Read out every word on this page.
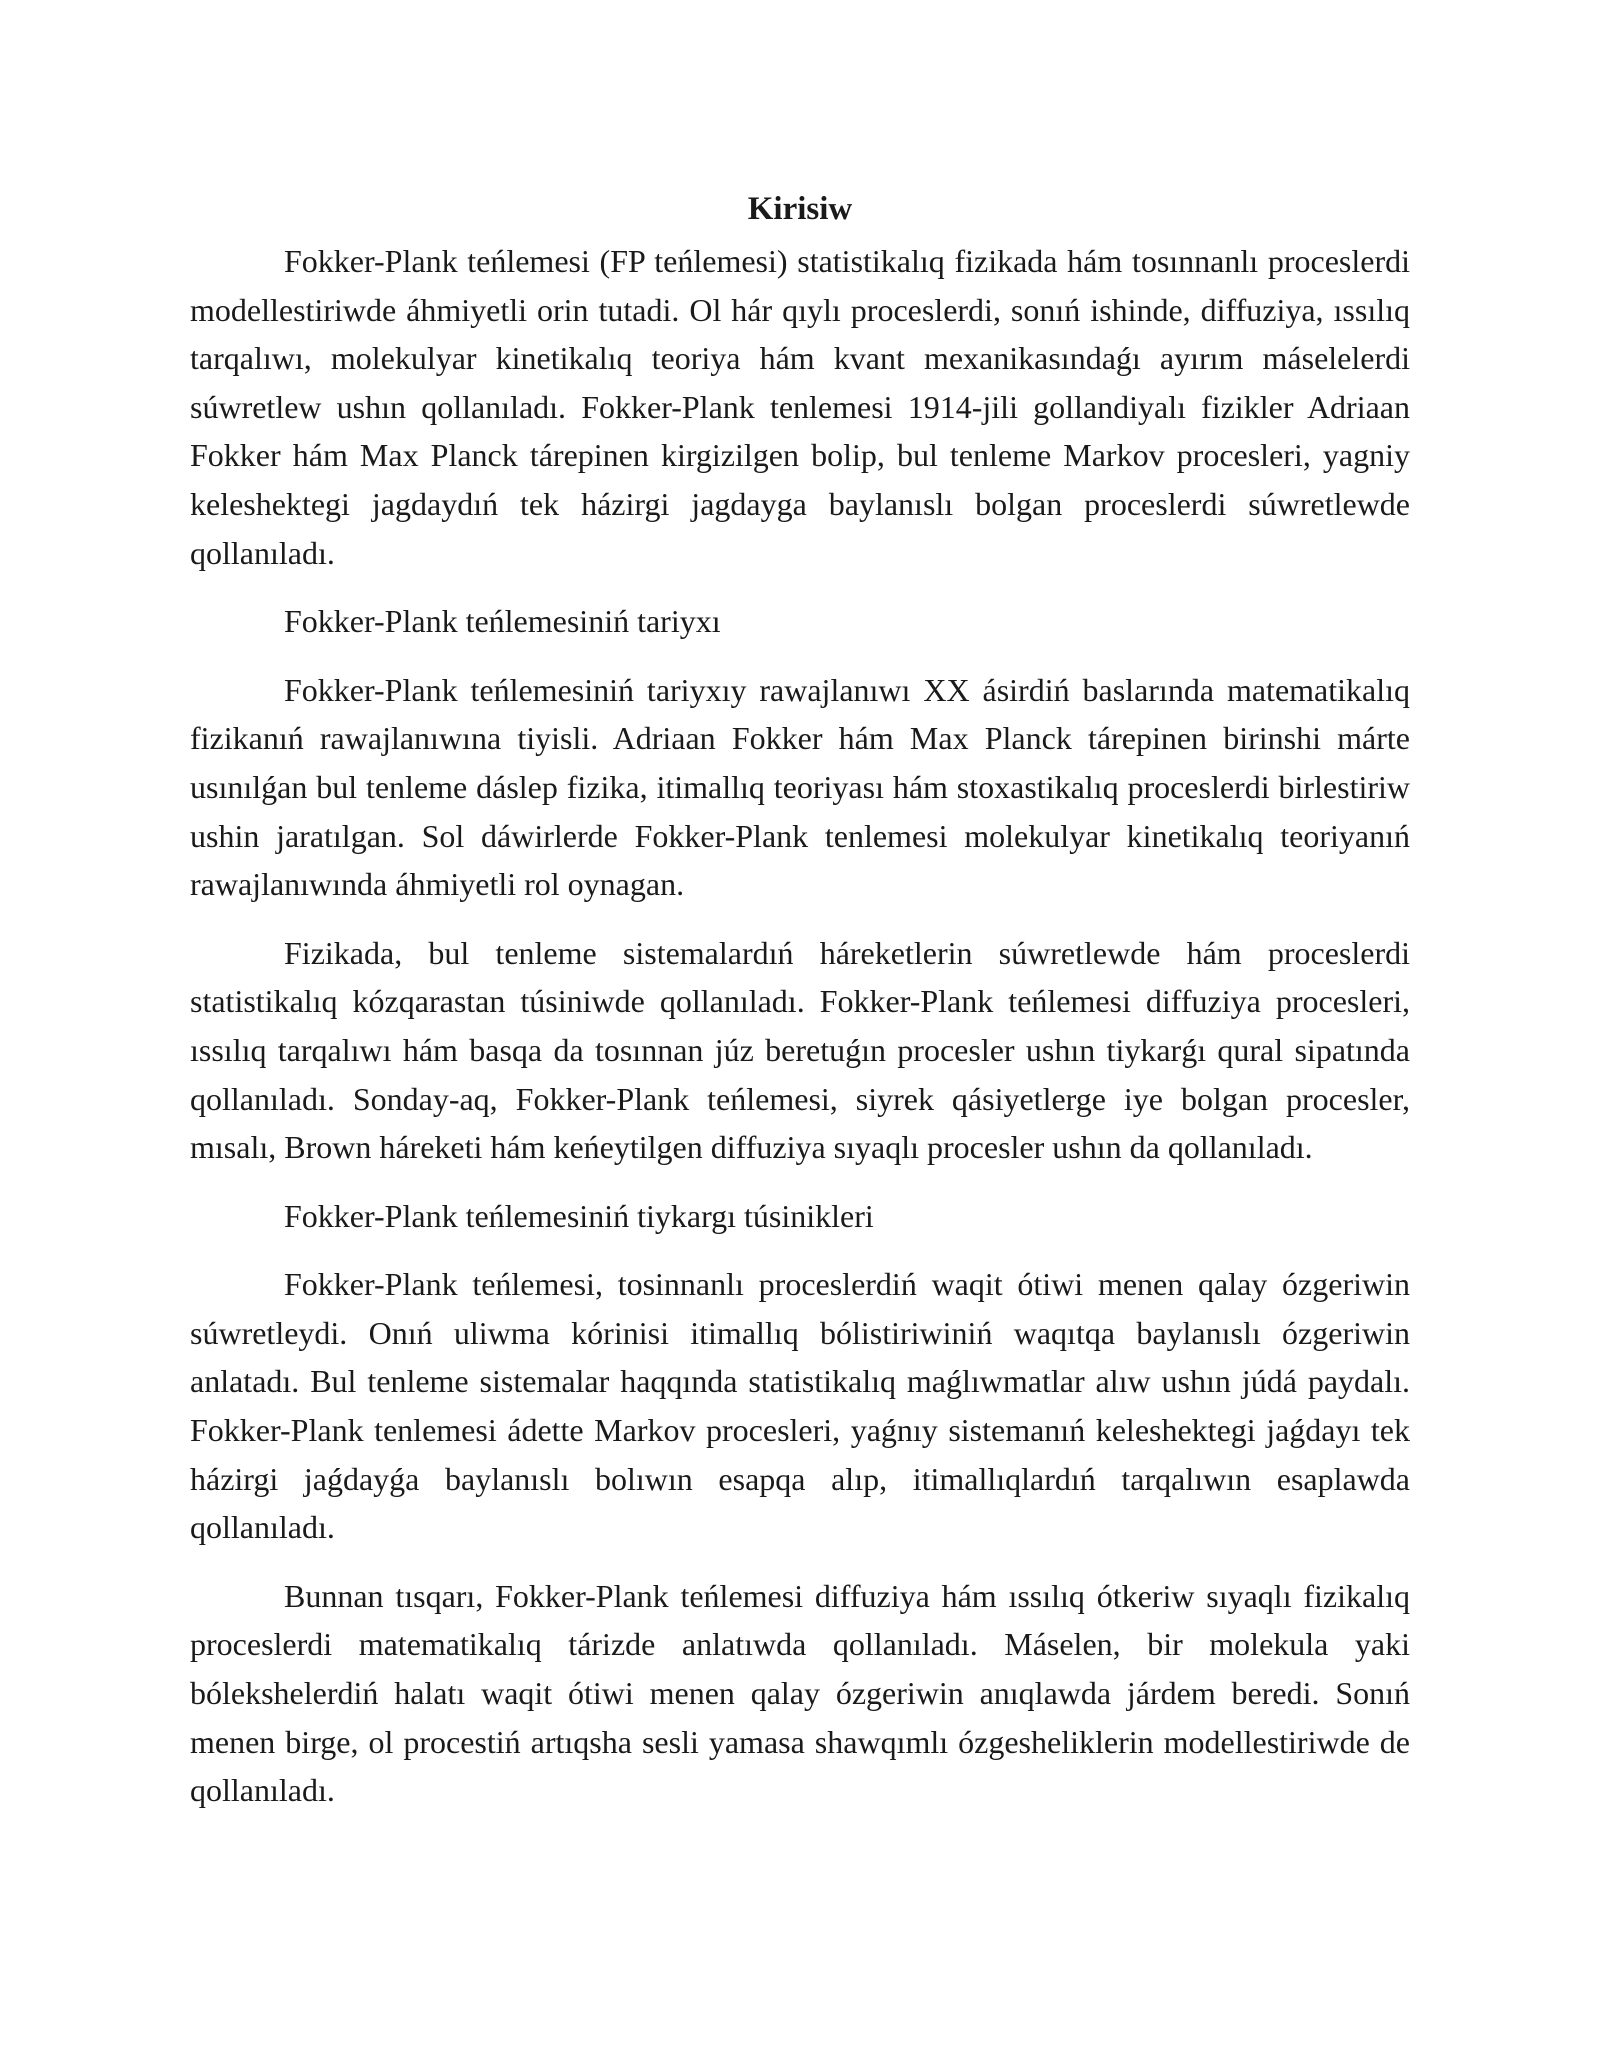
Kirisiw

Fokker-Plank teńlemesi (FP teńlemesi) statistikalıq fizikada hám tosınnanlı proceslerdi modellestiriwde áhmiyetli orin tutadi. Ol hár qıylı proceslerdi, sonıń ishinde, diffuziya, ıssılıq tarqalıwı, molekulyar kinetikalıq teoriya hám kvant mexanikasındaǵı ayırım máselelerdi súwretlew ushın qollanıladı. Fokker-Plank tenlemesi 1914-jili gollandiyalı fizikler Adriaan Fokker hám Max Planck tárepinen kirgizilgen bolip, bul tenleme Markov procesleri, yagniy keleshektegi jagdaydıń tek házirgi jagdayga baylanıslı bolgan proceslerdi súwretlewde qollanıladı.

Fokker-Plank teńlemesiniń tariyxı

Fokker-Plank teńlemesiniń tariyxıy rawajlanıwı XX ásirdiń baslarında matematikalıq fizikanıń rawajlanıwına tiyisli. Adriaan Fokker hám Max Planck tárepinen birinshi márte usınılǵan bul tenleme dáslep fizika, itimallıq teoriyası hám stoxastikalıq proceslerdi birlestiriw ushin jaratılgan. Sol dáwirlerde Fokker-Plank tenlemesi molekulyar kinetikalıq teoriyanıń rawajlanıwında áhmiyetli rol oynagan.

Fizikada, bul tenleme sistemalardıń háreketlerin súwretlewde hám proceslerdi statistikalıq kózqarastan túsiniwde qollanıladı. Fokker-Plank teńlemesi diffuziya procesleri, ıssılıq tarqalıwı hám basqa da tosınnan júz beretuǵın procesler ushın tiykarǵı qural sipatında qollanıladı. Sonday-aq, Fokker-Plank teńlemesi, siyrek qásiyetlerge iye bolgan procesler, mısalı, Brown háreketi hám keńeytilgen diffuziya sıyaqlı procesler ushın da qollanıladı.

Fokker-Plank teńlemesiniń tiykargı túsinikleri

Fokker-Plank teńlemesi, tosinnanlı proceslerdiń waqit ótiwi menen qalay ózgeriwin súwretleydi. Onıń uliwma kórinisi itimallıq bólistiriwiniń waqıtqa baylanıslı ózgeriwin anlatadı. Bul tenleme sistemalar haqqında statistikalıq maǵlıwmatlar alıw ushın júdá paydalı. Fokker-Plank tenlemesi ádette Markov procesleri, yaǵnıy sistemanıń keleshektegi jaǵdayı tek házirgi jaǵdayǵa baylanıslı bolıwın esapqa alıp, itimallıqlardıń tarqalıwın esaplawda qollanıladı.

Bunnan tısqarı, Fokker-Plank teńlemesi diffuziya hám ıssılıq ótkeriw sıyaqlı fizikalıq proceslerdi matematikalıq tárizde anlatıwda qollanıladı. Máselen, bir molekula yaki bólekshelerdiń halatı waqit ótiwi menen qalay ózgeriwin anıqlawda járdem beredi. Sonıń menen birge, ol procestiń artıqsha sesli yamasa shawqımlı ózgesheliklerin modellestiriwde de qollanıladı.
